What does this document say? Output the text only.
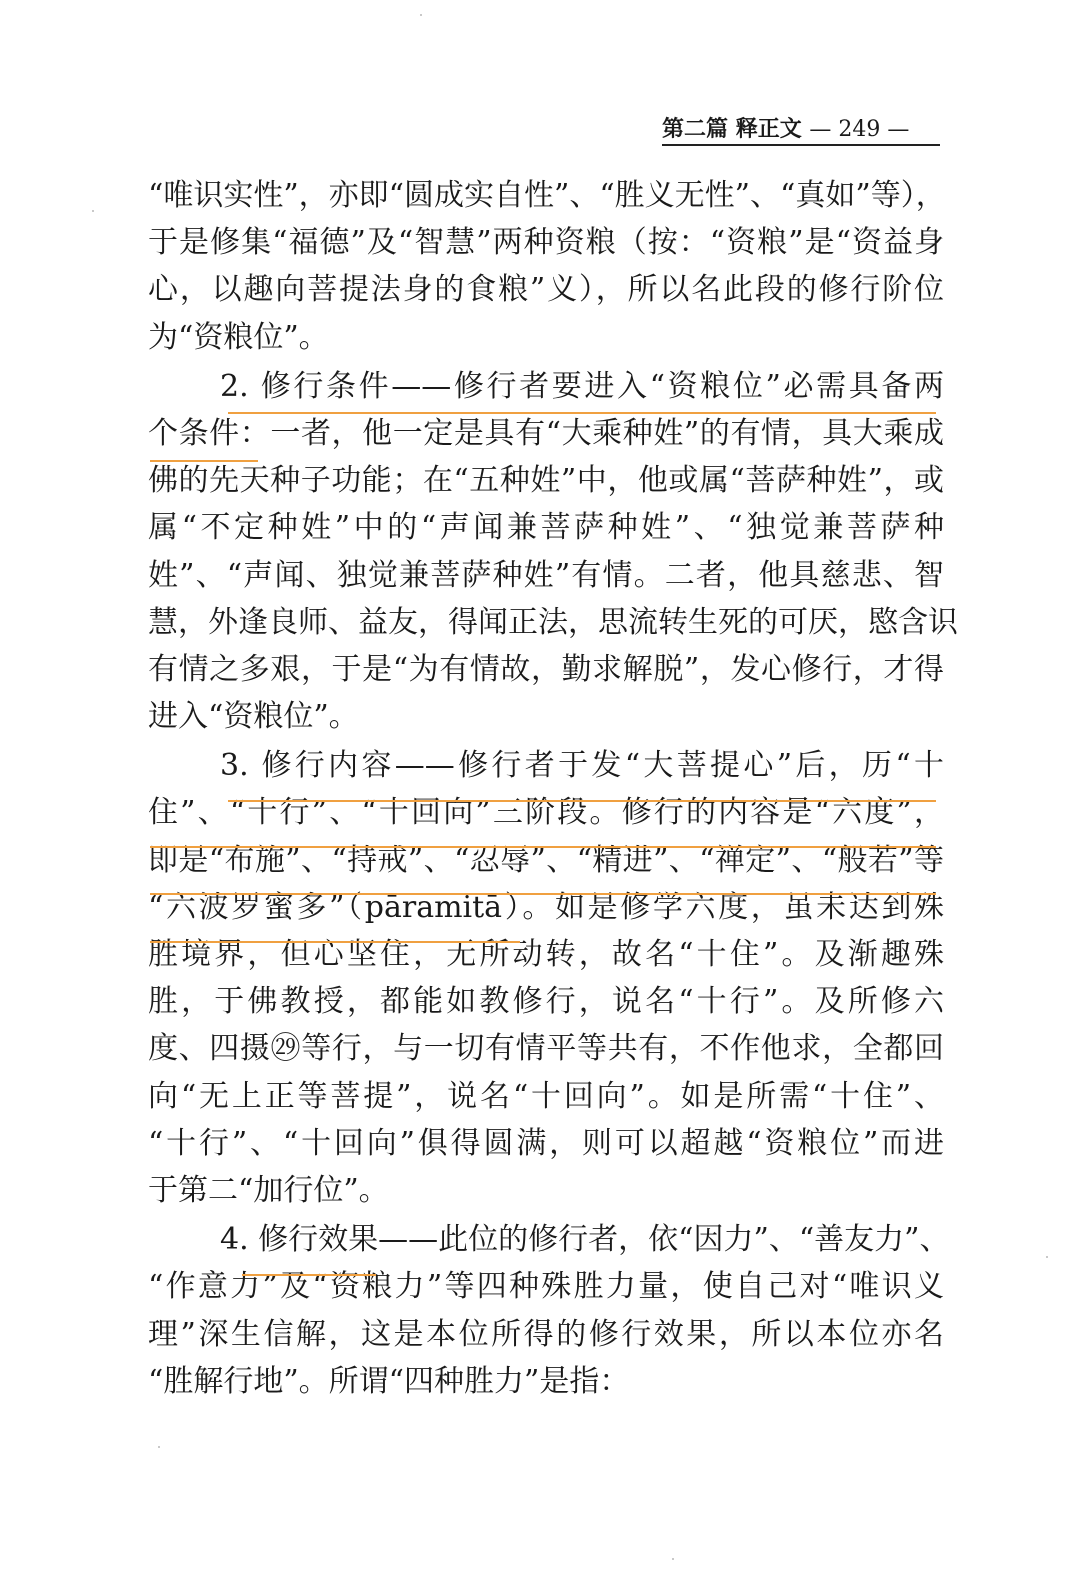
第二篇 释正文 — 249 —
“唯识实性”，亦即“圆成实自性”、“胜义无性”、“真如”等），
于是修集“福德”及“智慧”两种资粮（按：“资粮”是“资益身
心，以趣向菩提法身的食粮”义），所以名此段的修行阶位
为“资粮位”。
2. 修行条件——修行者要进入“资粮位”必需具备两
个条件：一者，他一定是具有“大乘种姓”的有情，具大乘成
佛的先天种子功能；在“五种姓”中，他或属“菩萨种姓”，或
属“不定种姓”中的“声闻兼菩萨种姓”、“独觉兼菩萨种
姓”、“声闻、独觉兼菩萨种姓”有情。二者，他具慈悲、智
慧，外逢良师、益友，得闻正法，思流转生死的可厌，愍含识
有情之多艰，于是“为有情故，勤求解脱”，发心修行，才得
进入“资粮位”。
3. 修行内容——修行者于发“大菩提心”后，历“十
住”、“十行”、“十回向”三阶段。修行的内容是“六度”，
即是“布施”、“持戒”、“忍辱”、“精进”、“禅定”、“般若”等
“六波罗蜜多”（pāramitā）。如是修学六度，虽未达到殊
胜境界，但心坚住，无所动转，故名“十住”。及渐趣殊
胜，于佛教授，都能如教修行，说名“十行”。及所修六
度、四摄㉙等行，与一切有情平等共有，不作他求，全都回
向“无上正等菩提”，说名“十回向”。如是所需“十住”、
“十行”、“十回向”俱得圆满，则可以超越“资粮位”而进
于第二“加行位”。
4. 修行效果——此位的修行者，依“因力”、“善友力”、
“作意力”及“资粮力”等四种殊胜力量，使自己对“唯识义
理”深生信解，这是本位所得的修行效果，所以本位亦名
“胜解行地”。所谓“四种胜力”是指：
